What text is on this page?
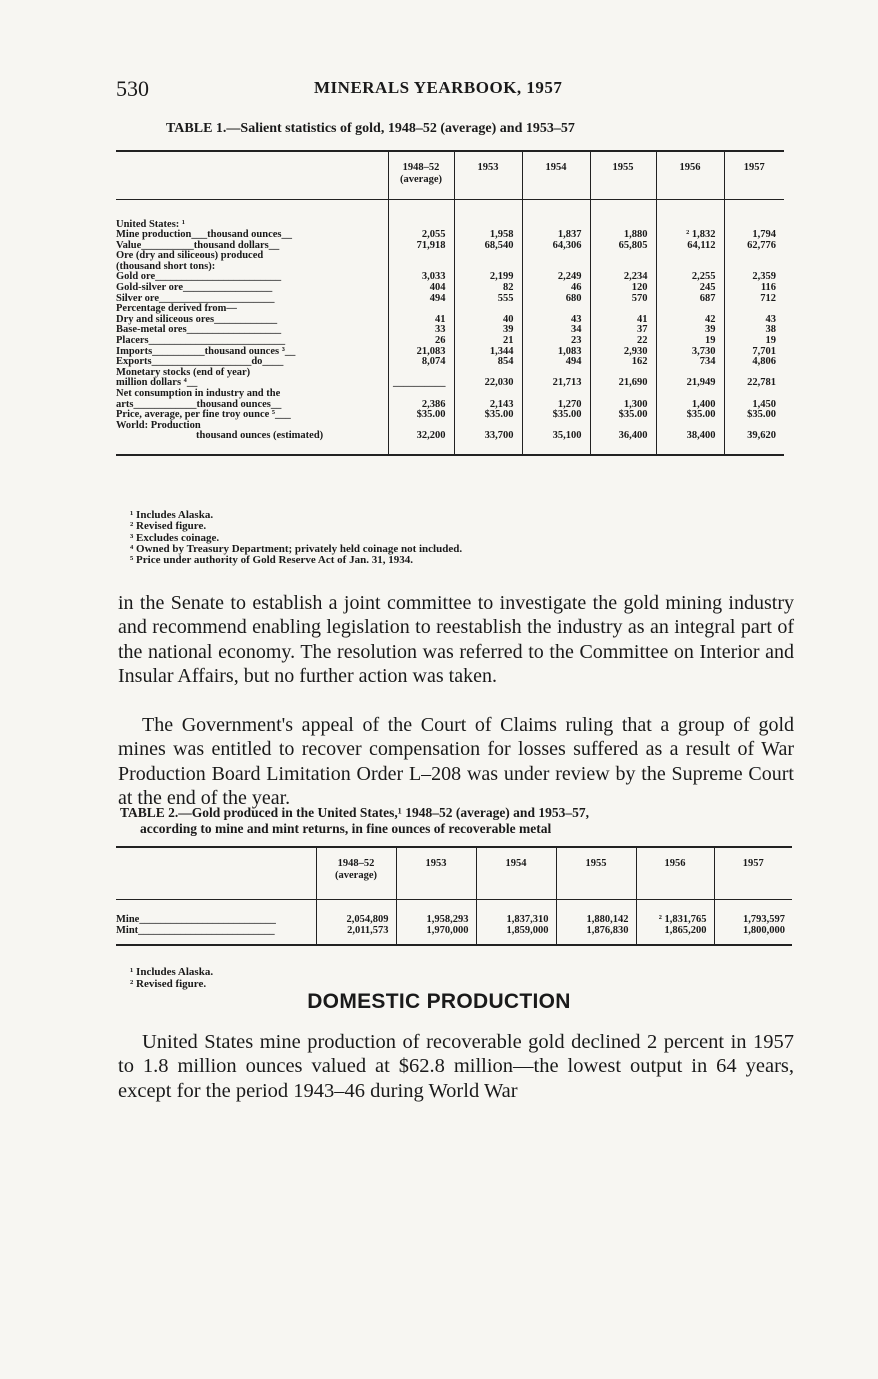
530	MINERALS YEARBOOK, 1957
TABLE 1.—Salient statistics of gold, 1948–52 (average) and 1953–57
	1948–52 (average)	1953	1954	1955	1956	1957

United States: ¹						
Mine production___thousand ounces__	2,055	1,958	1,837	1,880	² 1,832	1,794
Value__________thousand dollars__	71,918	68,540	64,306	65,805	64,112	62,776
Ore (dry and siliceous) produced						
(thousand short tons):						
Gold ore________________________	3,033	2,199	2,249	2,234	2,255	2,359
Gold-silver ore_________________	404	82	46	120	245	116
Silver ore______________________	494	555	680	570	687	712
Percentage derived from—						
Dry and siliceous ores____________	41	40	43	41	42	43
Base-metal ores__________________	33	39	34	37	39	38
Placers__________________________	26	21	23	22	19	19
Imports__________thousand ounces ³__	21,083	1,344	1,083	2,930	3,730	7,701
Exports___________________do____	8,074	854	494	162	734	4,806
Monetary stocks (end of year)						
million dollars ⁴__	__________	22,030	21,713	21,690	21,949	22,781
Net consumption in industry and the						
arts____________thousand ounces__	2,386	2,143	1,270	1,300	1,400	1,450
Price, average, per fine troy ounce ⁵___	$35.00	$35.00	$35.00	$35.00	$35.00	$35.00
World: Production						
thousand ounces (estimated)	32,200	33,700	35,100	36,400	38,400	39,620

¹ Includes Alaska.
² Revised figure.
³ Excludes coinage.
⁴ Owned by Treasury Department; privately held coinage not included.
⁵ Price under authority of Gold Reserve Act of Jan. 31, 1934.
in the Senate to establish a joint committee to investigate the gold mining industry and recommend enabling legislation to reestablish the industry as an integral part of the national economy. The resolution was referred to the Committee on Interior and Insular Affairs, but no further action was taken.
The Government's appeal of the Court of Claims ruling that a group of gold mines was entitled to recover compensation for losses suffered as a result of War Production Board Limitation Order L–208 was under review by the Supreme Court at the end of the year.
TABLE 2.—Gold produced in the United States,¹ 1948–52 (average) and 1953–57,
according to mine and mint returns, in fine ounces of recoverable metal
	1948–52 (average)	1953	1954	1955	1956	1957

Mine__________________________	2,054,809	1,958,293	1,837,310	1,880,142	² 1,831,765	1,793,597
Mint__________________________	2,011,573	1,970,000	1,859,000	1,876,830	1,865,200	1,800,000

¹ Includes Alaska.
² Revised figure.
DOMESTIC PRODUCTION
United States mine production of recoverable gold declined 2 percent in 1957 to 1.8 million ounces valued at $62.8 million—the lowest output in 64 years, except for the period 1943–46 during World War
